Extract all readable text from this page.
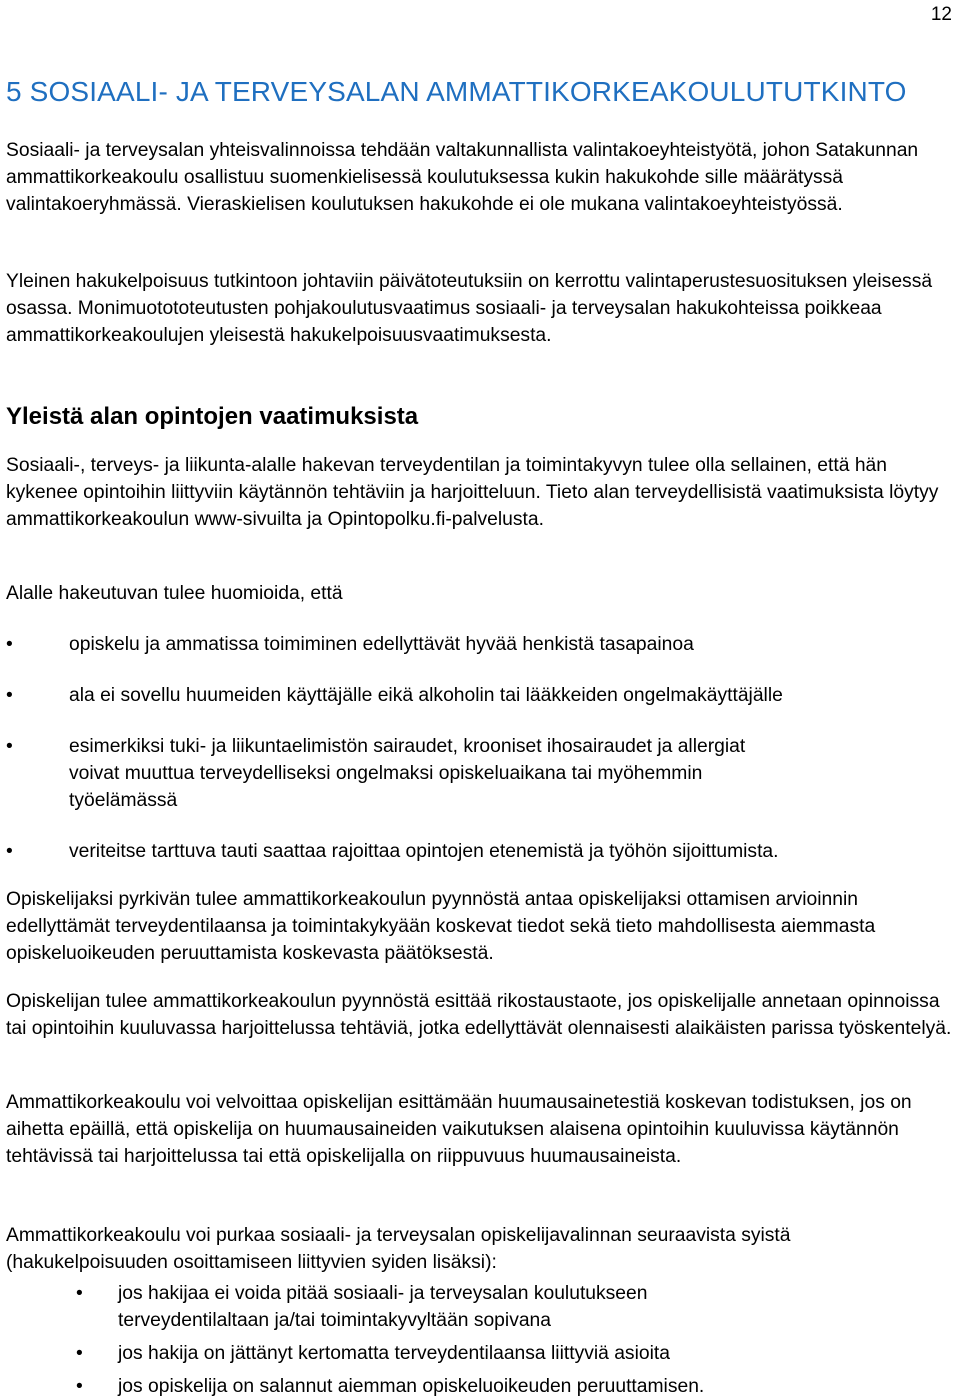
12
5 SOSIAALI- JA TERVEYSALAN AMMATTIKORKEAKOULUTUTKINTO

Sosiaali- ja terveysalan yhteisvalinnoissa tehdään valtakunnallista valintakoeyhteistyötä, johon Satakunnan ammattikorkeakoulu osallistuu suomenkielisessä koulutuksessa kukin hakukohde sille määrätyssä valintakoeryhmässä. Vieraskielisen koulutuksen hakukohde ei ole mukana valintakoeyhteistyössä.

Yleinen hakukelpoisuus tutkintoon johtaviin päivätoteutuksiin on kerrottu valintaperustesuosituksen yleisessä osassa. Monimuotototeutusten pohjakoulutusvaatimus sosiaali- ja terveysalan hakukohteissa poikkeaa ammattikorkeakoulujen yleisestä hakukelpoisuusvaatimuksesta.

Yleistä alan opintojen vaatimuksista

Sosiaali-, terveys- ja liikunta-alalle hakevan terveydentilan ja toimintakyvyn tulee olla sellainen, että hän kykenee opintoihin liittyviin käytännön tehtäviin ja harjoitteluun. Tieto alan terveydellisistä vaatimuksista löytyy ammattikorkeakoulun www-sivuilta ja Opintopolku.fi-palvelusta.

Alalle hakeutuvan tulee huomioida, että

•	opiskelu ja ammatissa toimiminen edellyttävät hyvää henkistä tasapainoa
•	ala ei sovellu huumeiden käyttäjälle eikä alkoholin tai lääkkeiden ongelmakäyttäjälle
•	esimerkiksi tuki- ja liikuntaelimistön sairaudet, krooniset ihosairaudet ja allergiat voivat muuttua terveydelliseksi ongelmaksi opiskeluaikana tai myöhemmin työelämässä
•	veriteitse tarttuva tauti saattaa rajoittaa opintojen etenemistä ja työhön sijoittumista.

Opiskelijaksi pyrkivän tulee ammattikorkeakoulun pyynnöstä antaa opiskelijaksi ottamisen arvioinnin edellyttämät terveydentilaansa ja toimintakykyään koskevat tiedot sekä tieto mahdollisesta aiemmasta opiskeluoikeuden peruuttamista koskevasta päätöksestä.

Opiskelijan tulee ammattikorkeakoulun pyynnöstä esittää rikostaustaote, jos opiskelijalle annetaan opinnoissa tai opintoihin kuuluvassa harjoittelussa tehtäviä, jotka edellyttävät olennaisesti alaikäisten parissa työskentelyä.

Ammattikorkeakoulu voi velvoittaa opiskelijan esittämään huumausainetestiä koskevan todistuksen, jos on aihetta epäillä, että opiskelija on huumausaineiden vaikutuksen alaisena opintoihin kuuluvissa käytännön tehtävissä tai harjoittelussa tai että opiskelijalla on riippuvuus huumausaineista.

Ammattikorkeakoulu voi purkaa sosiaali- ja terveysalan opiskelijavalinnan seuraavista syistä (hakukelpoisuuden osoittamiseen liittyvien syiden lisäksi):

• jos hakijaa ei voida pitää sosiaali- ja terveysalan koulutukseen terveydentilaltaan ja/tai toimintakyvyltään sopivana
• jos hakija on jättänyt kertomatta terveydentilaansa liittyviä asioita
• jos opiskelija on salannut aiemman opiskeluoikeuden peruuttamisen.
